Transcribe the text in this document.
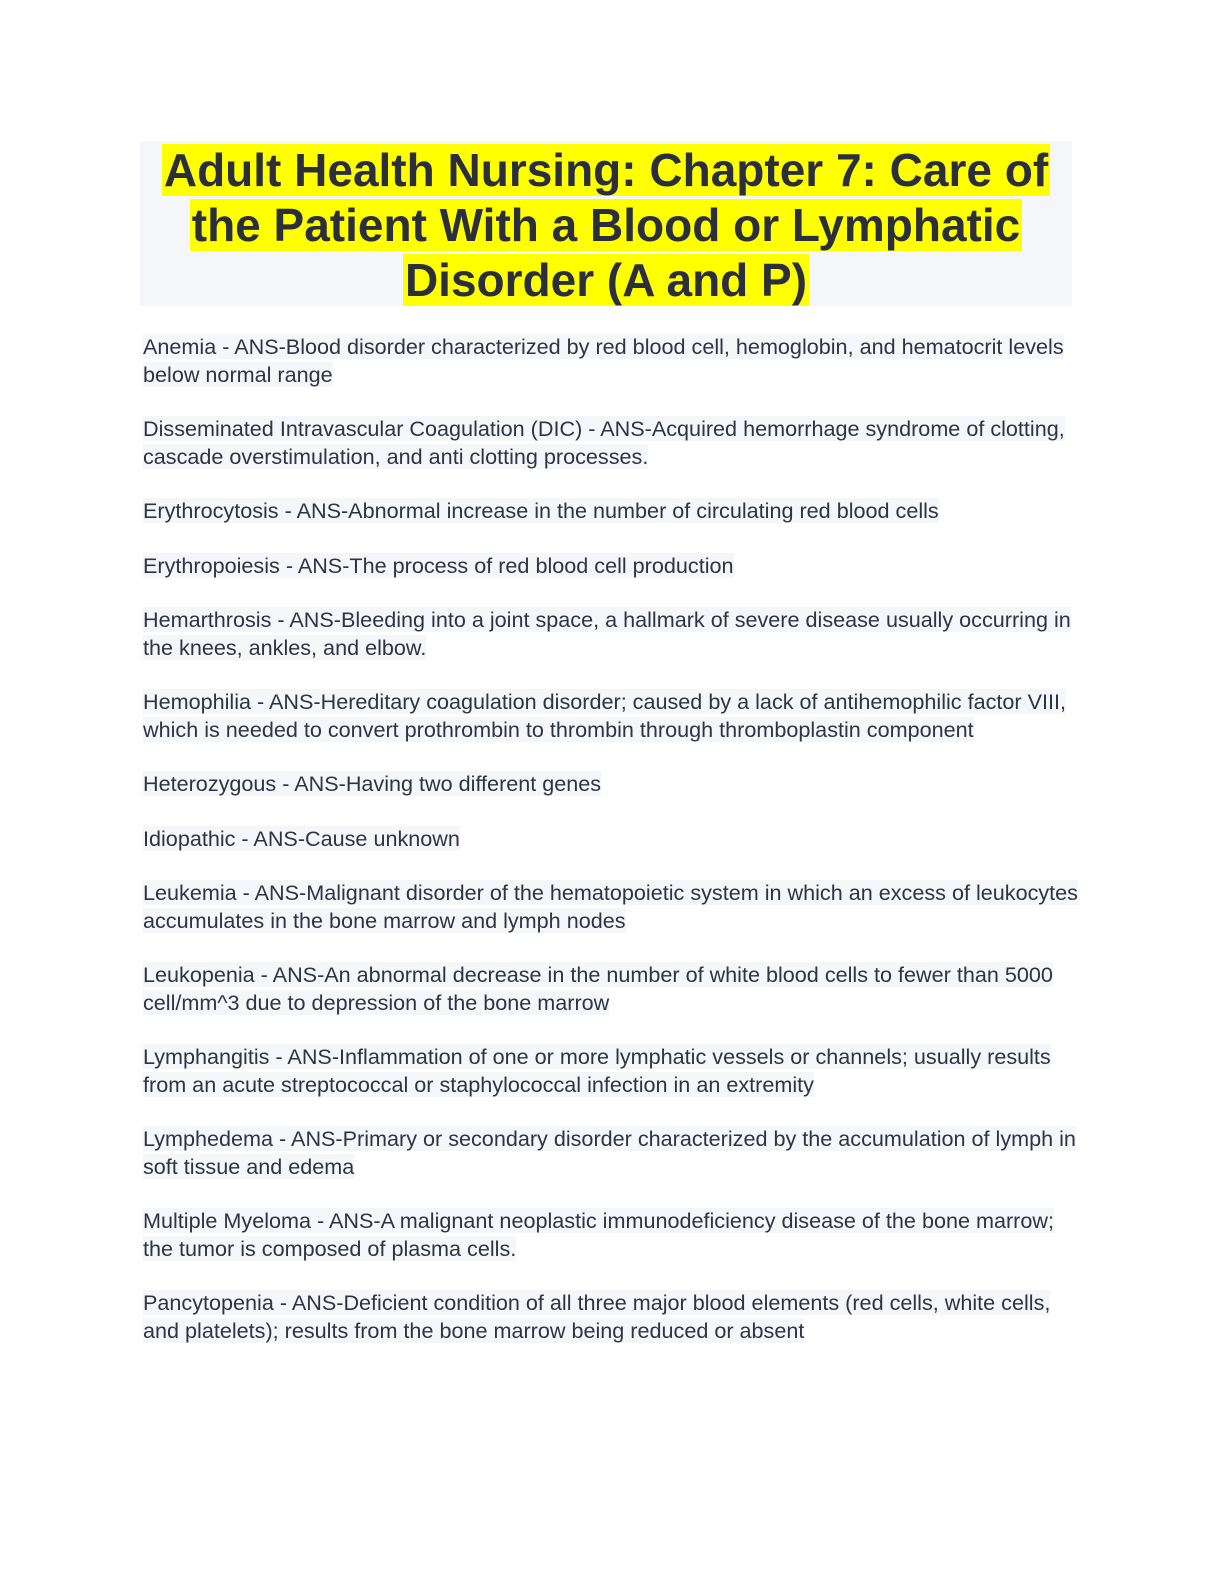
Adult Health Nursing: Chapter 7: Care of the Patient With a Blood or Lymphatic Disorder (A and P)

Anemia - ANS-Blood disorder characterized by red blood cell, hemoglobin, and hematocrit levels below normal range

Disseminated Intravascular Coagulation (DIC) - ANS-Acquired hemorrhage syndrome of clotting, cascade overstimulation, and anti clotting processes.

Erythrocytosis - ANS-Abnormal increase in the number of circulating red blood cells

Erythropoiesis - ANS-The process of red blood cell production

Hemarthrosis - ANS-Bleeding into a joint space, a hallmark of severe disease usually occurring in the knees, ankles, and elbow.

Hemophilia - ANS-Hereditary coagulation disorder; caused by a lack of antihemophilic factor VIII, which is needed to convert prothrombin to thrombin through thromboplastin component

Heterozygous - ANS-Having two different genes

Idiopathic - ANS-Cause unknown

Leukemia - ANS-Malignant disorder of the hematopoietic system in which an excess of leukocytes accumulates in the bone marrow and lymph nodes

Leukopenia - ANS-An abnormal decrease in the number of white blood cells to fewer than 5000 cell/mm^3 due to depression of the bone marrow

Lymphangitis - ANS-Inflammation of one or more lymphatic vessels or channels; usually results from an acute streptococcal or staphylococcal infection in an extremity

Lymphedema - ANS-Primary or secondary disorder characterized by the accumulation of lymph in soft tissue and edema

Multiple Myeloma - ANS-A malignant neoplastic immunodeficiency disease of the bone marrow; the tumor is composed of plasma cells.

Pancytopenia - ANS-Deficient condition of all three major blood elements (red cells, white cells, and platelets); results from the bone marrow being reduced or absent
